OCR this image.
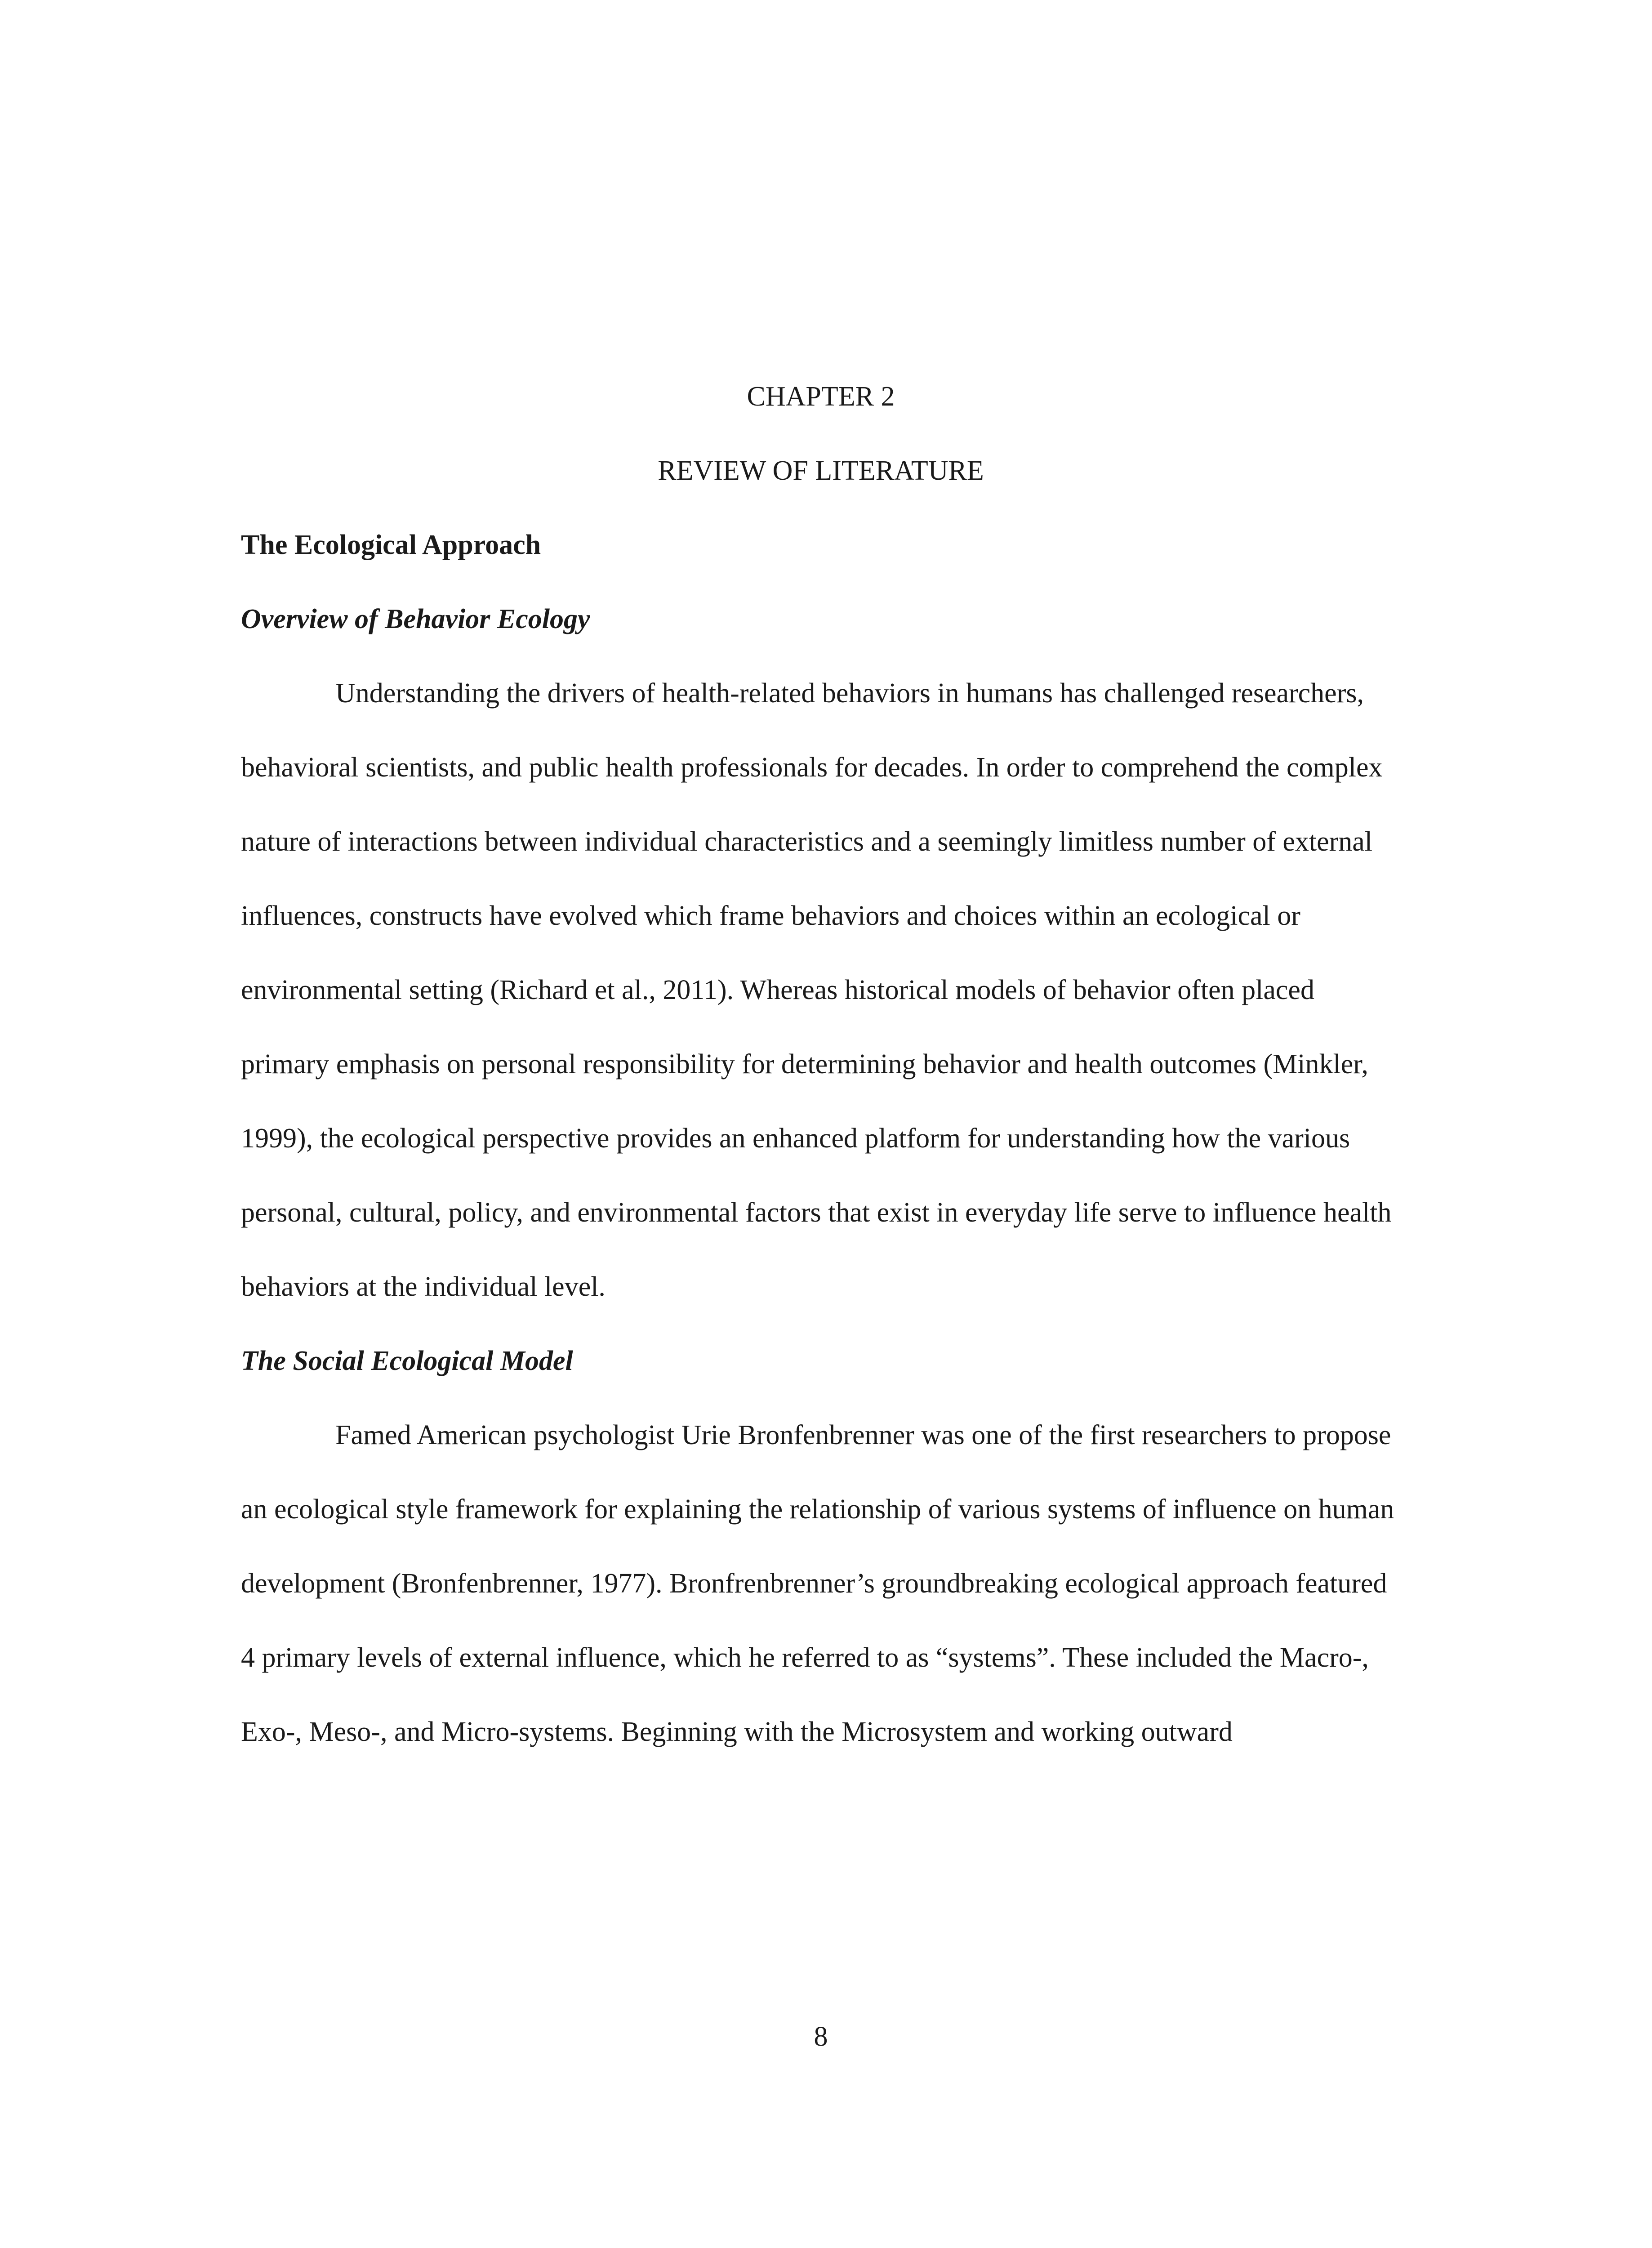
CHAPTER 2
REVIEW OF LITERATURE
The Ecological Approach
Overview of Behavior Ecology

Understanding the drivers of health-related behaviors in humans has challenged researchers, behavioral scientists, and public health professionals for decades. In order to comprehend the complex nature of interactions between individual characteristics and a seemingly limitless number of external influences, constructs have evolved which frame behaviors and choices within an ecological or environmental setting (Richard et al., 2011). Whereas historical models of behavior often placed primary emphasis on personal responsibility for determining behavior and health outcomes (Minkler, 1999), the ecological perspective provides an enhanced platform for understanding how the various personal, cultural, policy, and environmental factors that exist in everyday life serve to influence health behaviors at the individual level.

The Social Ecological Model

Famed American psychologist Urie Bronfenbrenner was one of the first researchers to propose an ecological style framework for explaining the relationship of various systems of influence on human development (Bronfenbrenner, 1977). Bronfrenbrenner’s groundbreaking ecological approach featured 4 primary levels of external influence, which he referred to as “systems”. These included the Macro-, Exo-, Meso-, and Micro-systems. Beginning with the Microsystem and working outward

8
